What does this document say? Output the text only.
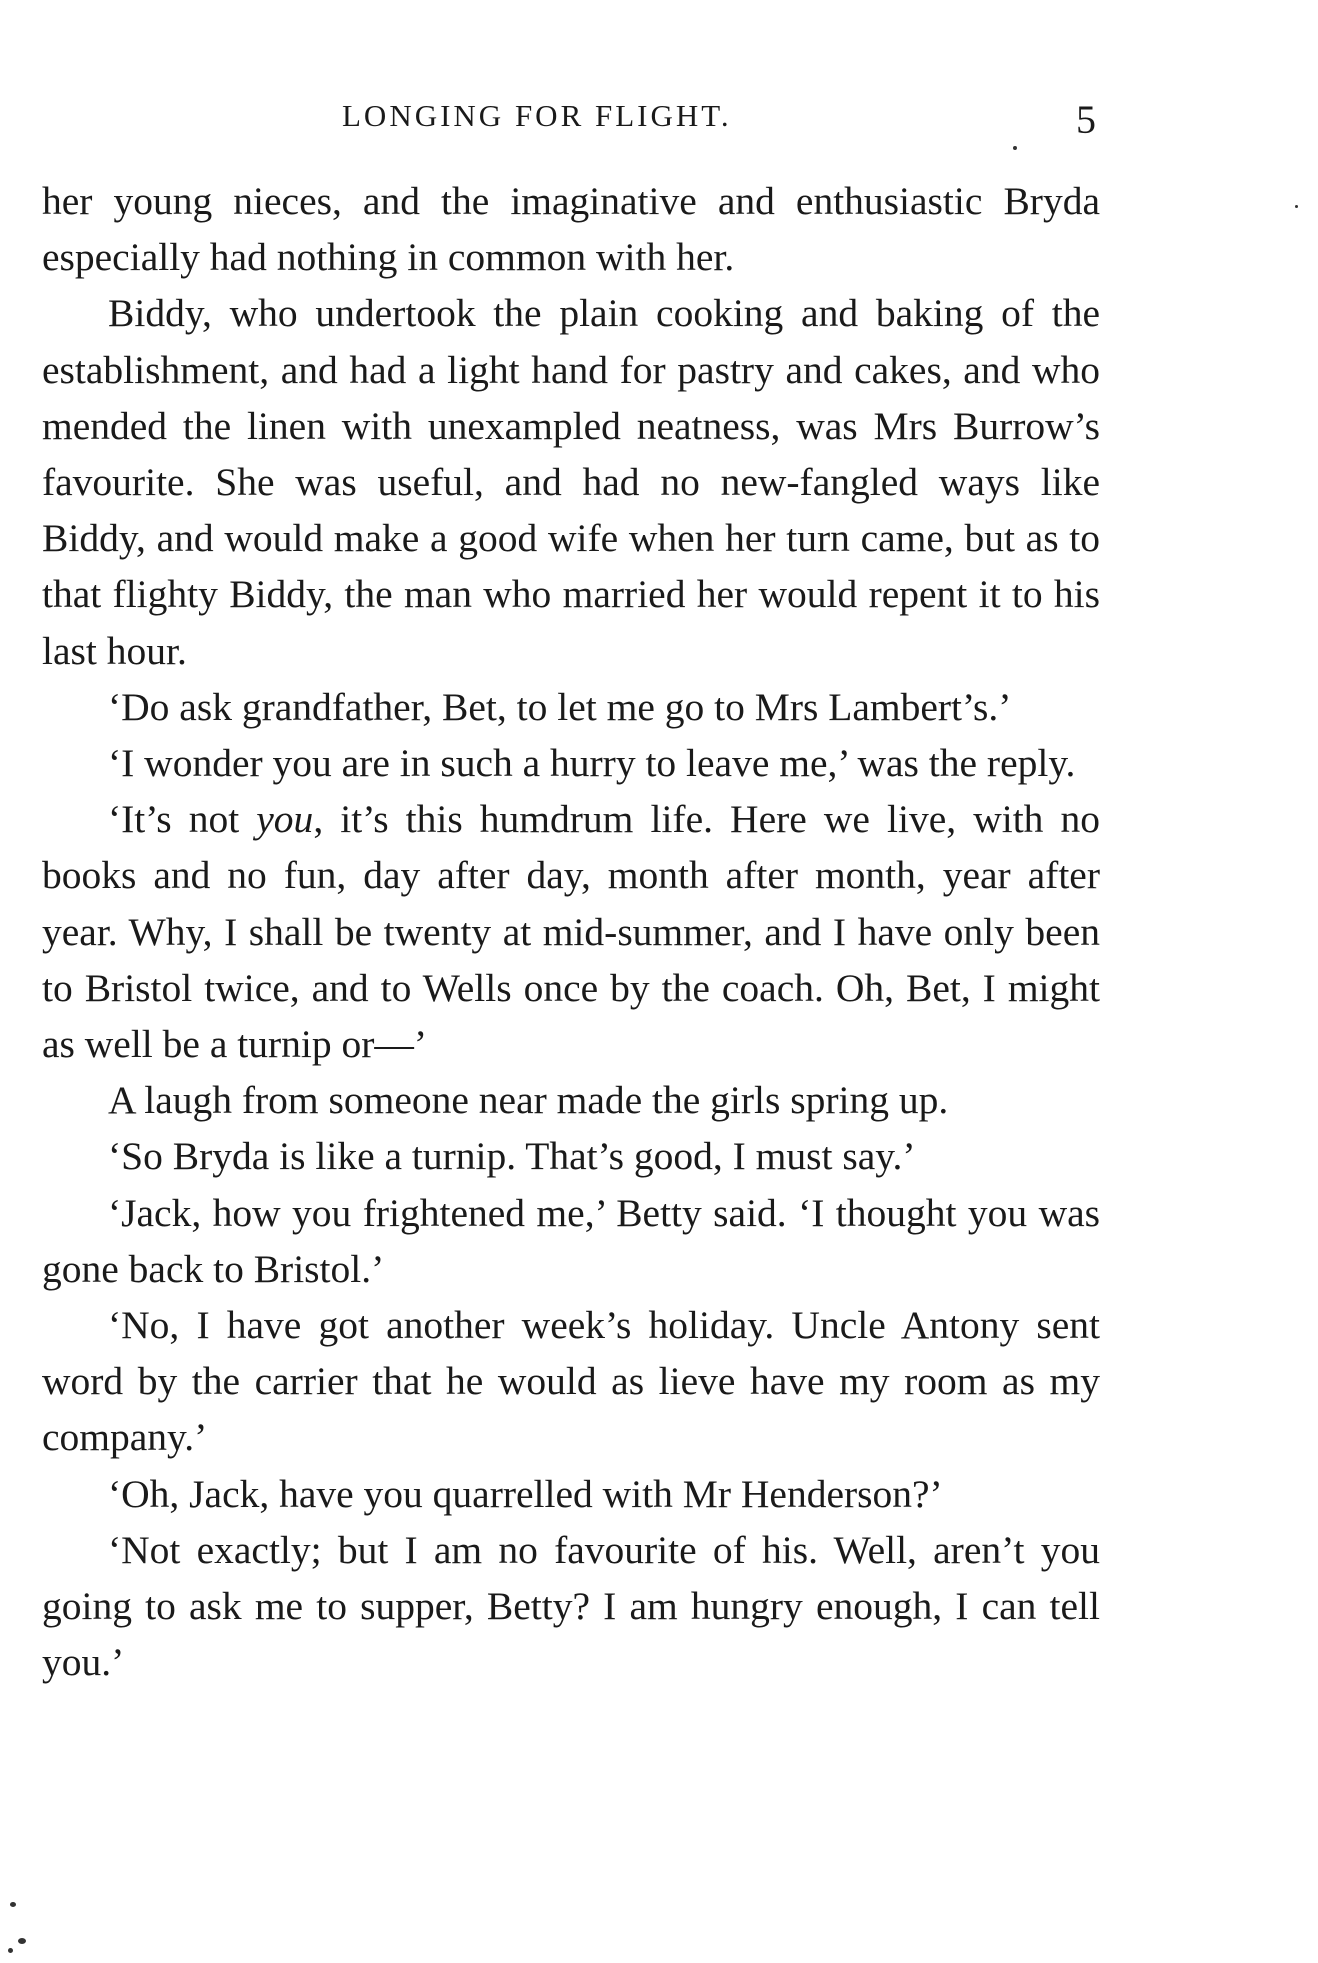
LONGING FOR FLIGHT.	5

her young nieces, and the imaginative and enthusiastic Bryda especially had nothing in common with her.

Biddy, who undertook the plain cooking and baking of the establishment, and had a light hand for pastry and cakes, and who mended the linen with unexampled neatness, was Mrs Burrow’s favourite. She was useful, and had no new-fangled ways like Biddy, and would make a good wife when her turn came, but as to that flighty Biddy, the man who married her would repent it to his last hour.

‘Do ask grandfather, Bet, to let me go to Mrs Lambert’s.’

‘I wonder you are in such a hurry to leave me,’ was the reply.

‘It’s not you, it’s this humdrum life. Here we live, with no books and no fun, day after day, month after month, year after year. Why, I shall be twenty at mid-summer, and I have only been to Bristol twice, and to Wells once by the coach. Oh, Bet, I might as well be a turnip or—’

A laugh from someone near made the girls spring up.

‘So Bryda is like a turnip. That’s good, I must say.’

‘Jack, how you frightened me,’ Betty said. ‘I thought you was gone back to Bristol.’

‘No, I have got another week’s holiday. Uncle Antony sent word by the carrier that he would as lieve have my room as my company.’

‘Oh, Jack, have you quarrelled with Mr Henderson?’

‘Not exactly; but I am no favourite of his. Well, aren’t you going to ask me to supper, Betty? I am hungry enough, I can tell you.’
